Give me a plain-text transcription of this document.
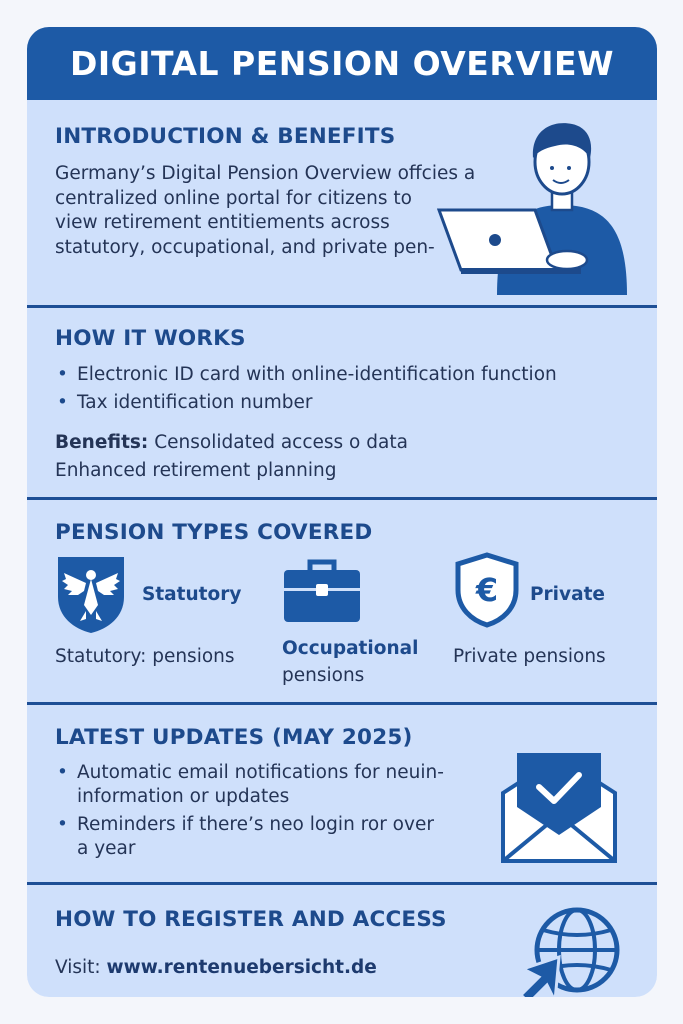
DIGITAL PENSION OVERVIEW
INTRODUCTION & BENEFITS
Germany’s Digital Pension Overview offcies a
centralized online portal for citizens to
view retirement entitiements across
statutory, occupational, and private pen-
HOW IT WORKS
• Electronic ID card with online-identification function
• Tax identification number
Benefits: Censolidated access o data
Enhanced retirement planning
PENSION TYPES COVERED
Statutory
Statutory: pensions	Occupational
pensions
€ Private
Private pensions
LATEST UPDATES (MAY 2025)
• Automatic email notifications for neuin-
information or updates
• Reminders if there’s neo login ror over
a year
HOW TO REGISTER AND ACCESS
Visit: www.rentenuebersicht.de
